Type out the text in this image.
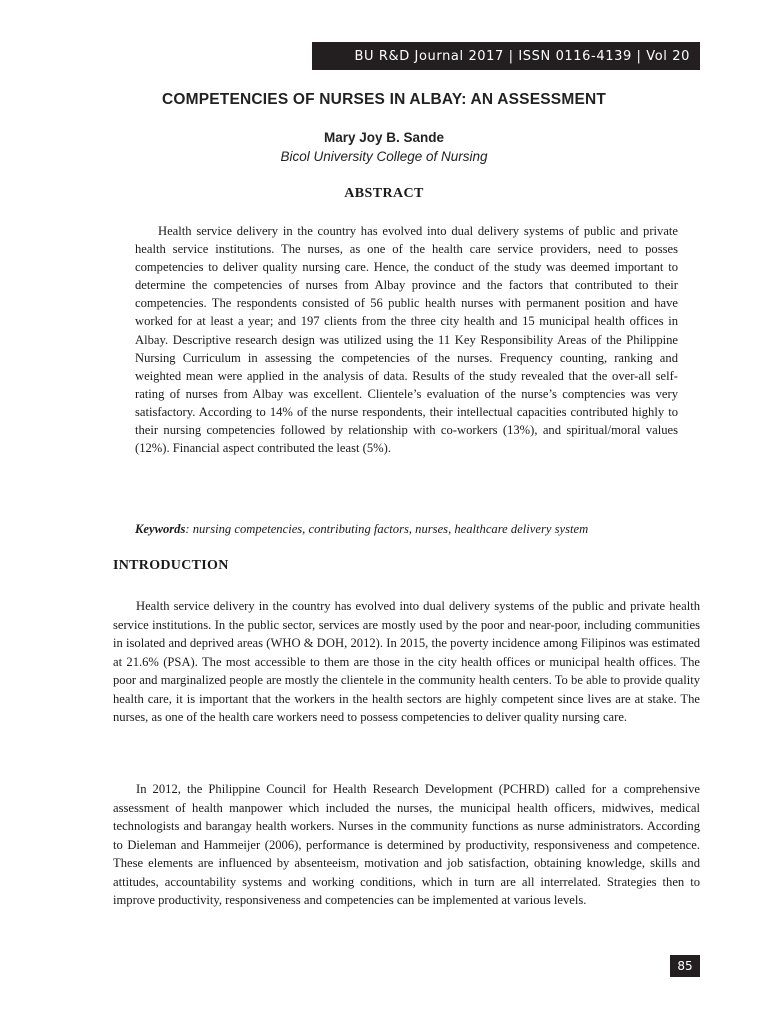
BU R&D Journal 2017 | ISSN 0116-4139 | Vol 20
COMPETENCIES OF NURSES IN ALBAY: AN ASSESSMENT
Mary Joy B. Sande
Bicol University College of Nursing
ABSTRACT

Health service delivery in the country has evolved into dual delivery systems of public and private health service institutions. The nurses, as one of the health care service providers, need to posses competencies to deliver quality nursing care. Hence, the conduct of the study was deemed important to determine the competencies of nurses from Albay province and the factors that contributed to their competencies. The respondents consisted of 56 public health nurses with permanent position and have worked for at least a year; and 197 clients from the three city health and 15 municipal health offices in Albay. Descriptive research design was utilized using the 11 Key Responsibility Areas of the Philippine Nursing Curriculum in assessing the competencies of the nurses. Frequency counting, ranking and weighted mean were applied in the analysis of data. Results of the study revealed that the over-all self-rating of nurses from Albay was excellent. Clientele’s evaluation of the nurse’s comptencies was very satisfactory. According to 14% of the nurse respondents, their intellectual capacities contributed highly to their nursing competencies followed by relationship with co-workers (13%), and spiritual/moral values (12%). Financial aspect contributed the least (5%).

Keywords: nursing competencies, contributing factors, nurses, healthcare delivery system

INTRODUCTION

Health service delivery in the country has evolved into dual delivery systems of the public and private health service institutions. In the public sector, services are mostly used by the poor and near-poor, including communities in isolated and deprived areas (WHO & DOH, 2012). In 2015, the poverty incidence among Filipinos was estimated at 21.6% (PSA). The most accessible to them are those in the city health offices or municipal health offices. The poor and marginalized people are mostly the clientele in the community health centers. To be able to provide quality health care, it is important that the workers in the health sectors are highly competent since lives are at stake. The nurses, as one of the health care workers need to possess competencies to deliver quality nursing care.

In 2012, the Philippine Council for Health Research Development (PCHRD) called for a comprehensive assessment of health manpower which included the nurses, the municipal health officers, midwives, medical technologists and barangay health workers. Nurses in the community functions as nurse administrators. According to Dieleman and Hammeijer (2006), performance is determined by productivity, responsiveness and competence. These elements are influenced by absenteeism, motivation and job satisfaction, obtaining knowledge, skills and attitudes, accountability systems and working conditions, which in turn are all interrelated. Strategies then to improve productivity, responsiveness and competencies can be implemented at various levels.

85
